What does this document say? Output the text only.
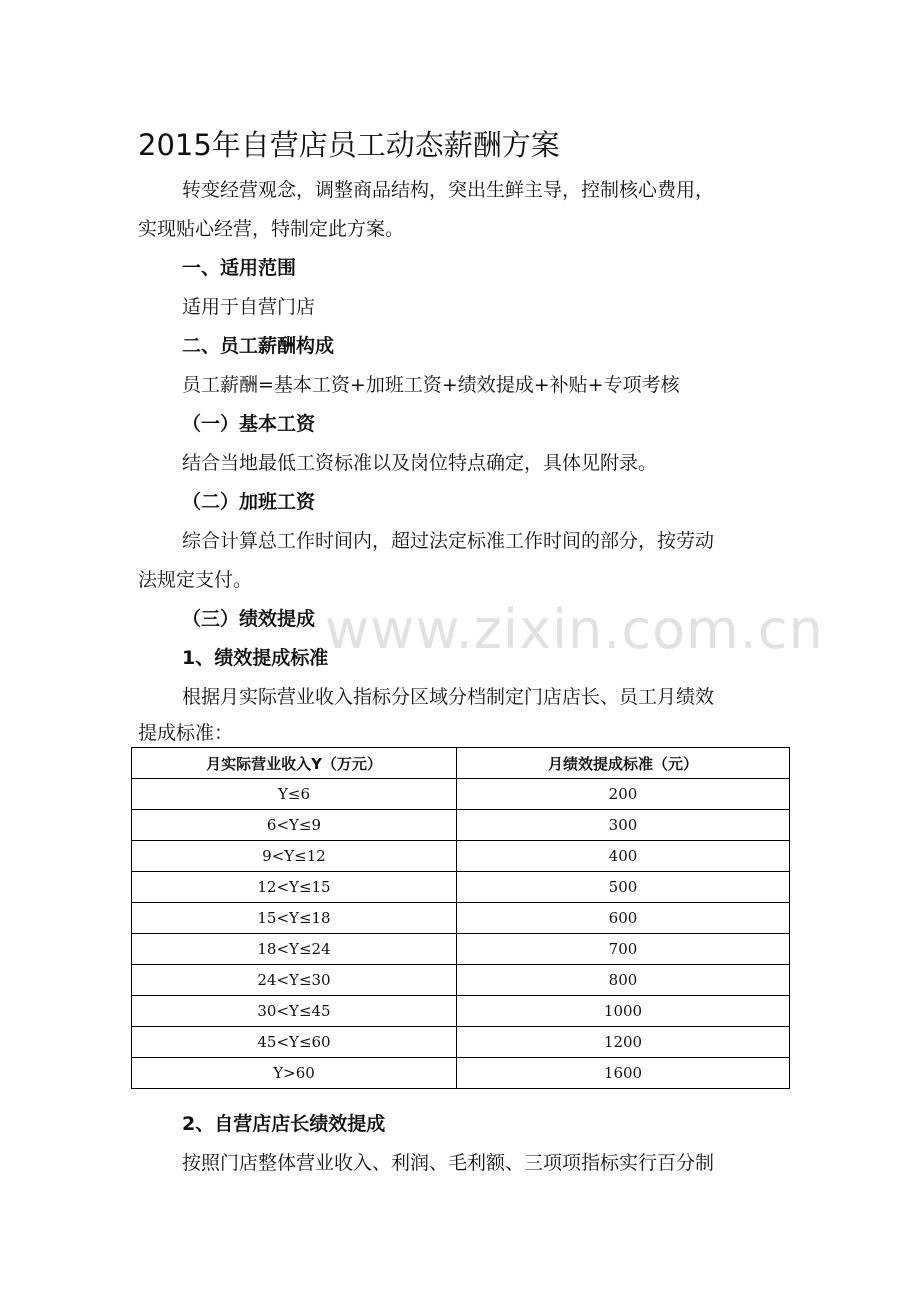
www.zixin.com.cn
2015年自营店员工动态薪酬方案

转变经营观念，调整商品结构，突出生鲜主导，控制核心费用，

实现贴心经营，特制定此方案。

一、适用范围

适用于自营门店

二、员工薪酬构成

员工薪酬=基本工资+加班工资+绩效提成+补贴+专项考核

（一）基本工资

结合当地最低工资标准以及岗位特点确定，具体见附录。

（二）加班工资

综合计算总工作时间内，超过法定标准工作时间的部分，按劳动

法规定支付。

（三）绩效提成

1、绩效提成标准

根据月实际营业收入指标分区域分档制定门店店长、员工月绩效

提成标准：

月实际营业收入Y（万元）	月绩效提成标准（元）
Y≤6	200
6<Y≤9	300
9<Y≤12	400
12<Y≤15	500
15<Y≤18	600
18<Y≤24	700
24<Y≤30	800
30<Y≤45	1000
45<Y≤60	1200
Y>60	1600

2、自营店店长绩效提成

按照门店整体营业收入、利润、毛利额、三项项指标实行百分制
